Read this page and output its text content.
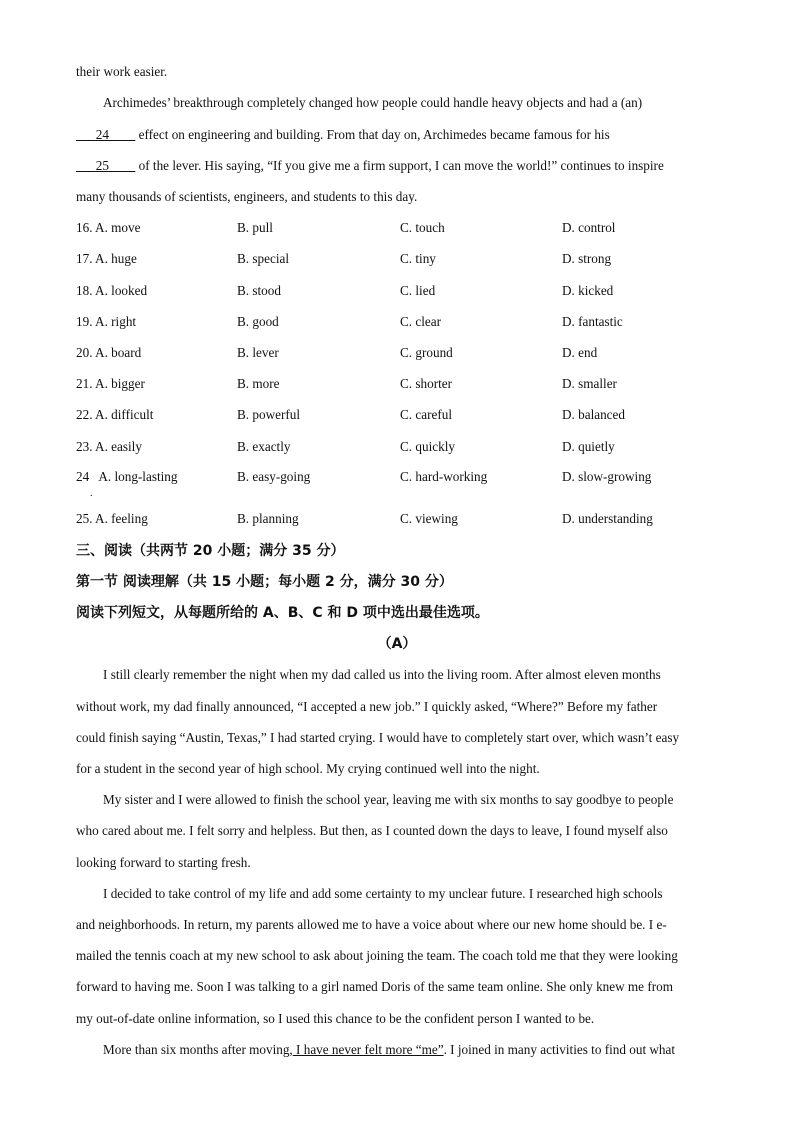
their work easier.
Archimedes’ breakthrough completely changed how people could handle heavy objects and had a (an)
   24     effect on engineering and building. From that day on, Archimedes became famous for his
   25     of the lever. His saying, “If you give me a firm support, I can move the world!” continues to inspire
many thousands of scientists, engineers, and students to this day.
16. A. move	B. pull	C. touch	D. control
17. A. huge	B. special	C. tiny	D. strong
18. A. looked	B. stood	C. lied	D. kicked
19. A. right	B. good	C. clear	D. fantastic
20. A. board	B. lever	C. ground	D. end
21. A. bigger	B. more	C. shorter	D. smaller
22. A. difficult	B. powerful	C. careful	D. balanced
23. A. easily	B. exactly	C. quickly	D. quietly
24   A. long-lasting	B. easy-going	C. hard-working	D. slow-growing
.
25. A. feeling	B. planning	C. viewing	D. understanding
三、阅读（共两节 20 小题；满分 35 分）
第一节 阅读理解（共 15 小题；每小题 2 分，满分 30 分）
阅读下列短文，从每题所给的 A、B、C 和 D 项中选出最佳选项。
（A）
I still clearly remember the night when my dad called us into the living room. After almost eleven months
without work, my dad finally announced, “I accepted a new job.” I quickly asked, “Where?” Before my father
could finish saying “Austin, Texas,” I had started crying. I would have to completely start over, which wasn’t easy
for a student in the second year of high school. My crying continued well into the night.
My sister and I were allowed to finish the school year, leaving me with six months to say goodbye to people
who cared about me. I felt sorry and helpless. But then, as I counted down the days to leave, I found myself also
looking forward to starting fresh.
I decided to take control of my life and add some certainty to my unclear future. I researched high schools
and neighborhoods. In return, my parents allowed me to have a voice about where our new home should be. I e-
mailed the tennis coach at my new school to ask about joining the team. The coach told me that they were looking
forward to having me. Soon I was talking to a girl named Doris of the same team online. She only knew me from
my out-of-date online information, so I used this chance to be the confident person I wanted to be.
More than six months after moving, I have never felt more “me”. I joined in many activities to find out what
